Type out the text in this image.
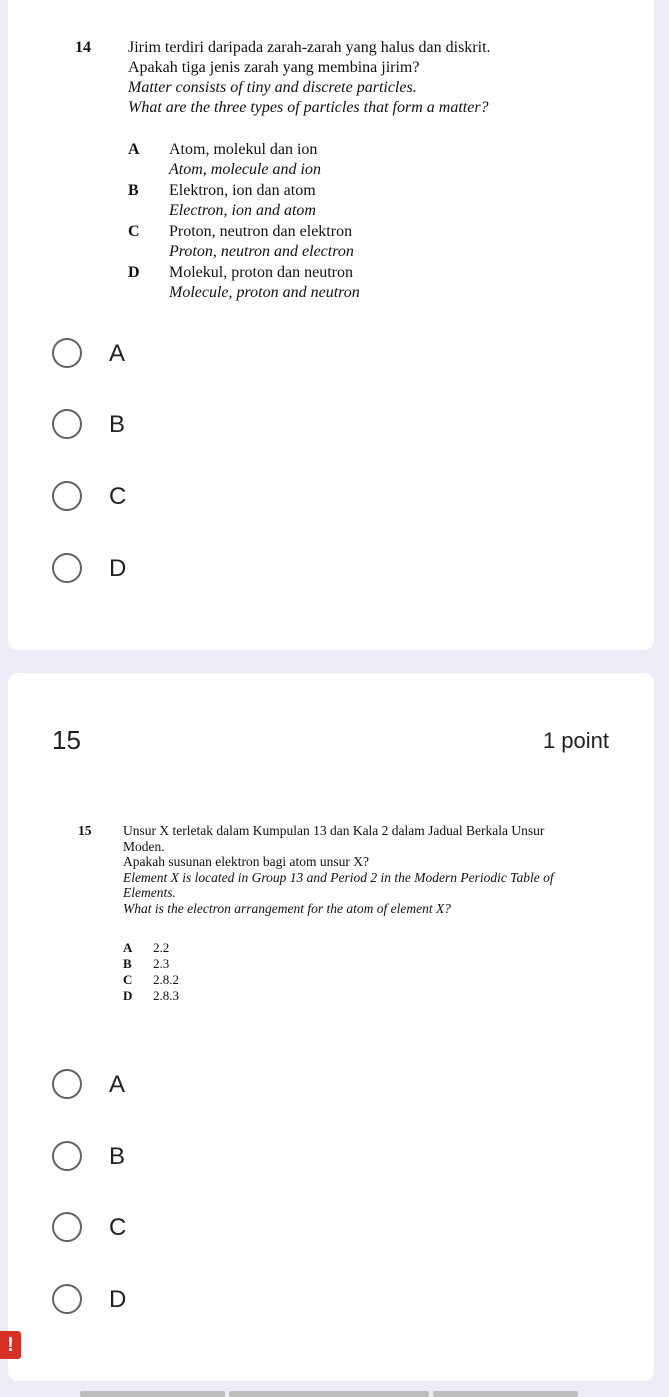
14 Jirim terdiri daripada zarah-zarah yang halus dan diskrit.
Apakah tiga jenis zarah yang membina jirim?
Matter consists of tiny and discrete particles.
What are the three types of particles that form a matter?
A Atom, molekul dan ion
Atom, molecule and ion
B Elektron, ion dan atom
Electron, ion and atom
C Proton, neutron dan elektron
Proton, neutron and electron
D Molekul, proton dan neutron
Molecule, proton and neutron
A
B
C
D
15	1 point
15 Unsur X terletak dalam Kumpulan 13 dan Kala 2 dalam Jadual Berkala Unsur
Moden.
Apakah susunan elektron bagi atom unsur X?
Element X is located in Group 13 and Period 2 in the Modern Periodic Table of
Elements.
What is the electron arrangement for the atom of element X?
A 2.2
B 2.3
C 2.8.2
D 2.8.3
A
B
C
D
!
